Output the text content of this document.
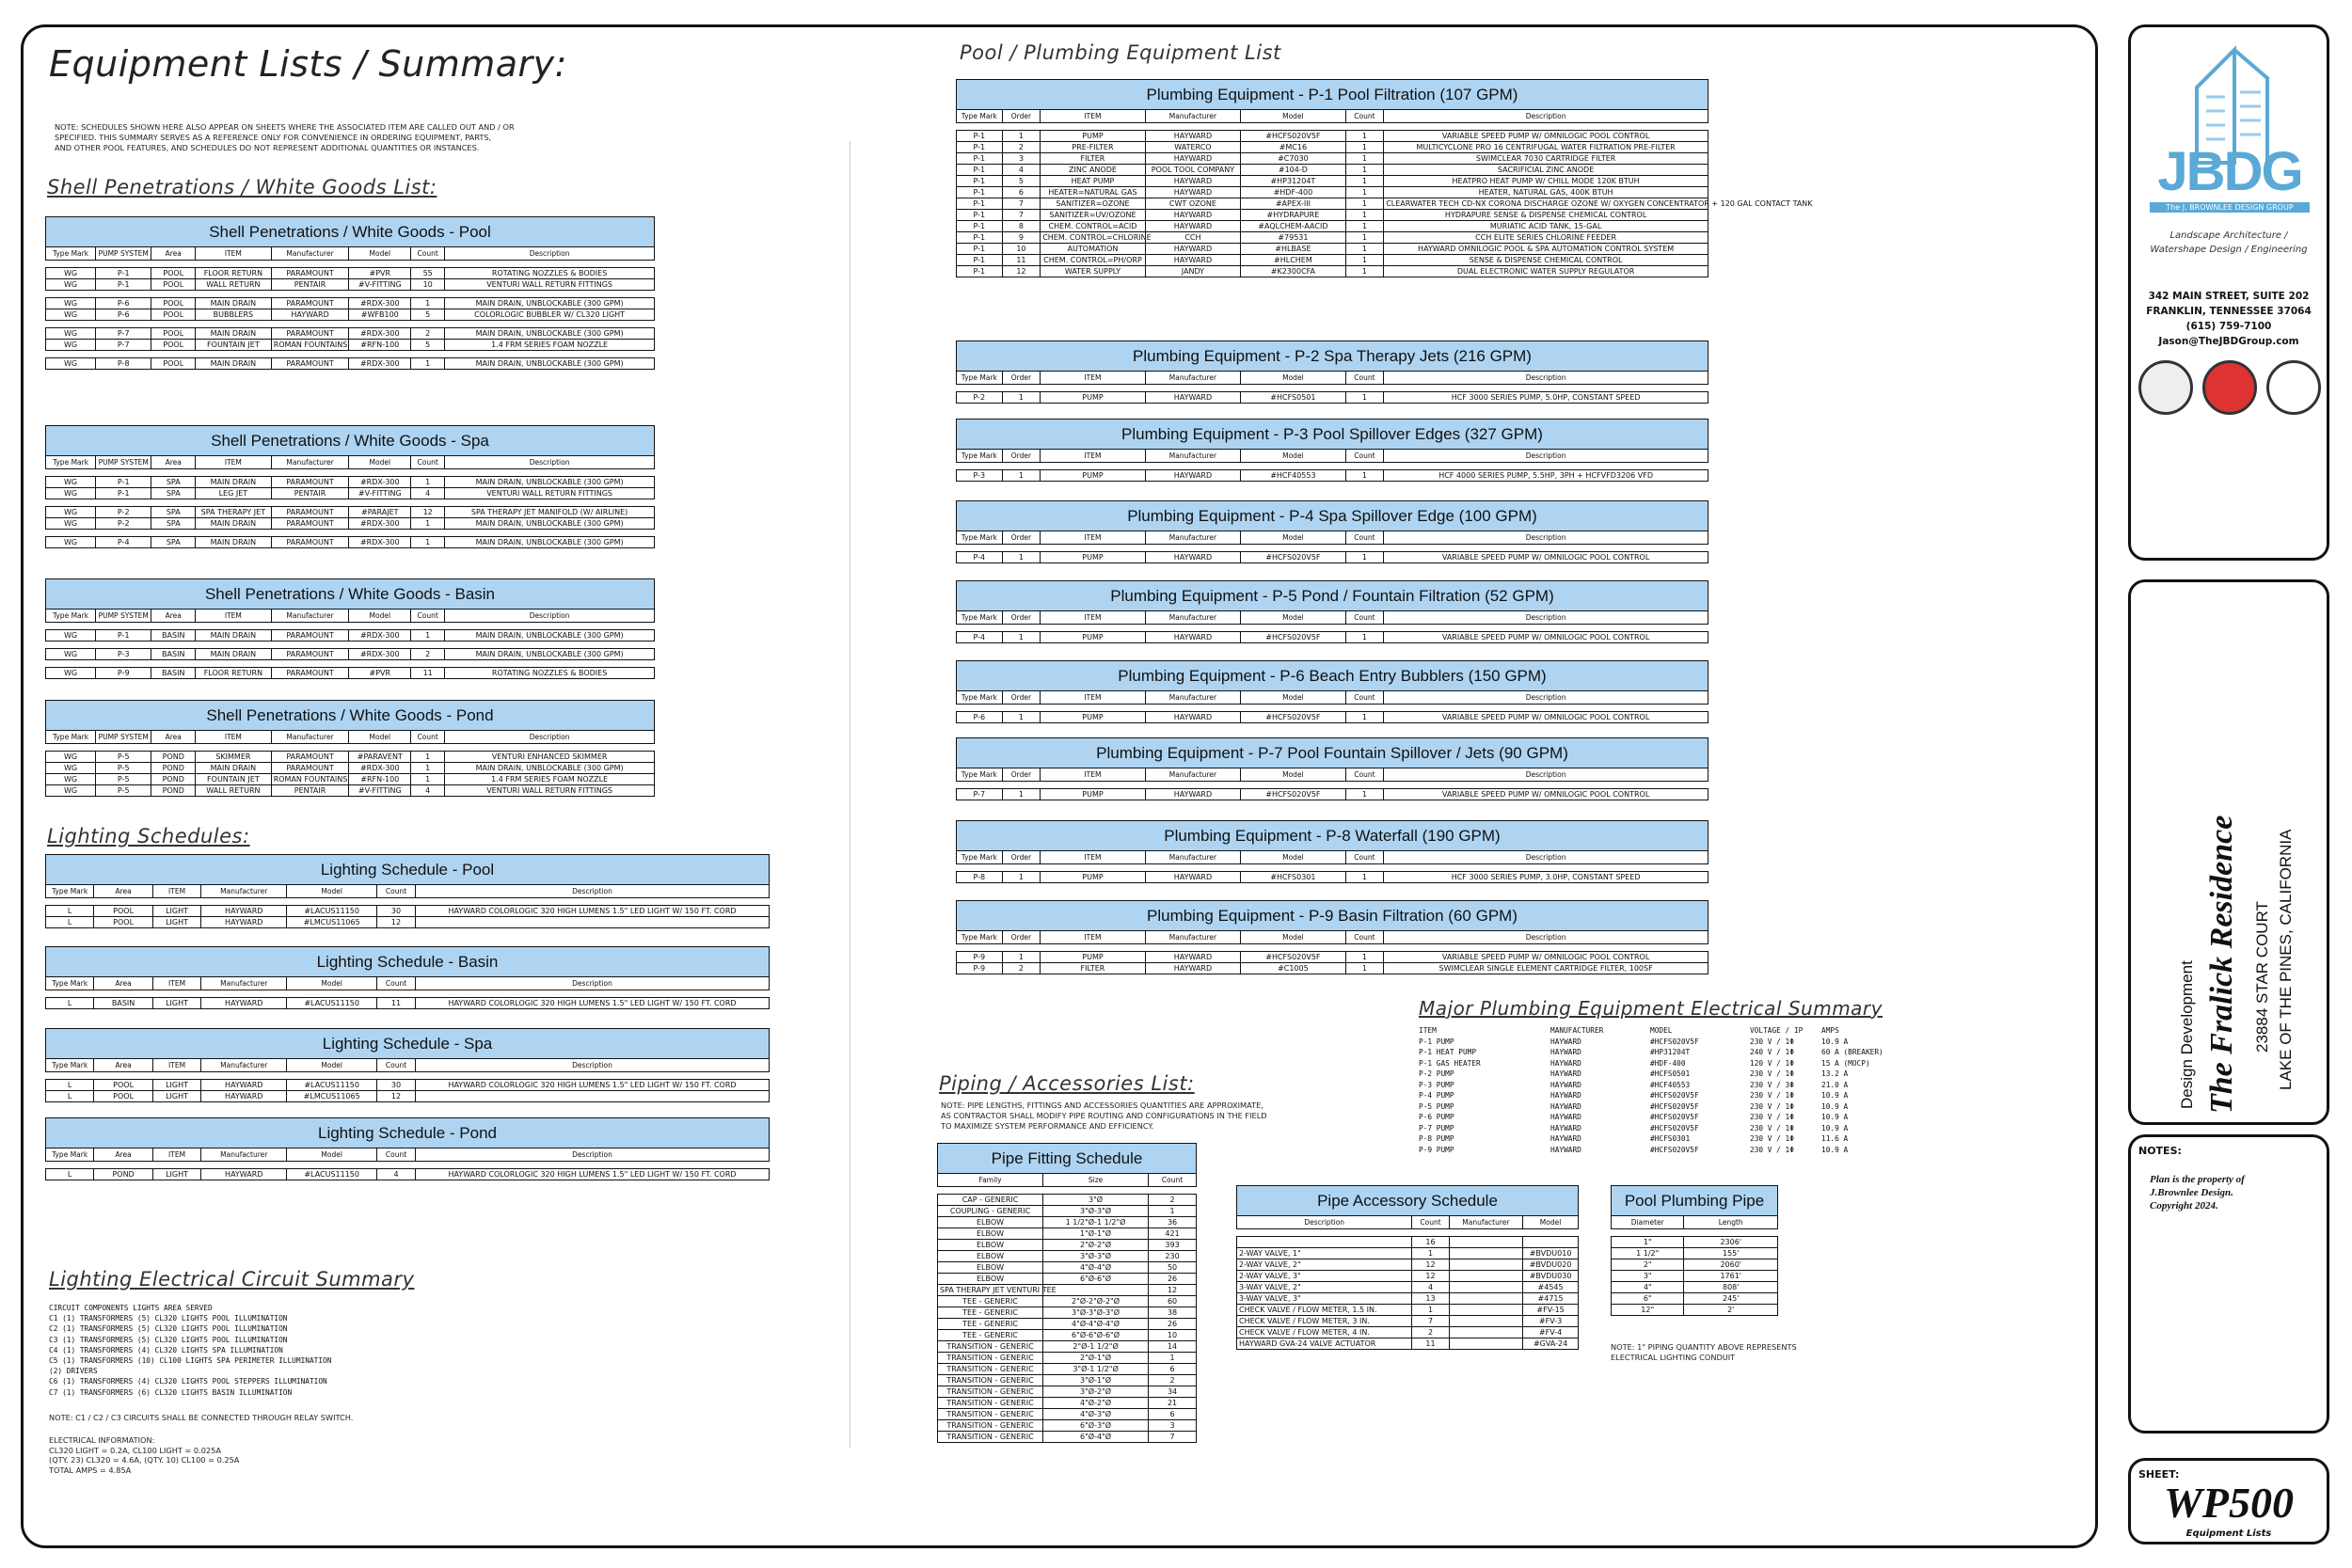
Equipment Lists / Summary:
NOTE: SCHEDULES SHOWN HERE ALSO APPEAR ON SHEETS WHERE THE ASSOCIATED ITEM ARE CALLED OUT AND / OR
SPECIFIED. THIS SUMMARY SERVES AS A REFERENCE ONLY FOR CONVENIENCE IN ORDERING EQUIPMENT, PARTS,
AND OTHER POOL FEATURES, AND SCHEDULES DO NOT REPRESENT ADDITIONAL QUANTITIES OR INSTANCES.
Shell Penetrations / White Goods List:
Shell Penetrations / White Goods - Pool							
Type Mark	PUMP SYSTEM	Area	ITEM	Manufacturer	Model	Count	Description

WG	P-1	POOL	FLOOR RETURN	PARAMOUNT	#PVR	55	ROTATING NOZZLES & BODIES
WG	P-1	POOL	WALL RETURN	PENTAIR	#V-FITTING	10	VENTURI WALL RETURN FITTINGS

WG	P-6	POOL	MAIN DRAIN	PARAMOUNT	#RDX-300	1	MAIN DRAIN, UNBLOCKABLE (300 GPM)
WG	P-6	POOL	BUBBLERS	HAYWARD	#WFB100	5	COLORLOGIC BUBBLER W/ CL320 LIGHT

WG	P-7	POOL	MAIN DRAIN	PARAMOUNT	#RDX-300	2	MAIN DRAIN, UNBLOCKABLE (300 GPM)
WG	P-7	POOL	FOUNTAIN JET	ROMAN FOUNTAINS	#RFN-100	5	1.4 FRM SERIES FOAM NOZZLE

WG	P-8	POOL	MAIN DRAIN	PARAMOUNT	#RDX-300	1	MAIN DRAIN, UNBLOCKABLE (300 GPM)
Shell Penetrations / White Goods - Spa							
Type Mark	PUMP SYSTEM	Area	ITEM	Manufacturer	Model	Count	Description

WG	P-1	SPA	MAIN DRAIN	PARAMOUNT	#RDX-300	1	MAIN DRAIN, UNBLOCKABLE (300 GPM)
WG	P-1	SPA	LEG JET	PENTAIR	#V-FITTING	4	VENTURI WALL RETURN FITTINGS

WG	P-2	SPA	SPA THERAPY JET	PARAMOUNT	#PARAJET	12	SPA THERAPY JET MANIFOLD (W/ AIRLINE)
WG	P-2	SPA	MAIN DRAIN	PARAMOUNT	#RDX-300	1	MAIN DRAIN, UNBLOCKABLE (300 GPM)

WG	P-4	SPA	MAIN DRAIN	PARAMOUNT	#RDX-300	1	MAIN DRAIN, UNBLOCKABLE (300 GPM)
Shell Penetrations / White Goods - Basin							
Type Mark	PUMP SYSTEM	Area	ITEM	Manufacturer	Model	Count	Description

WG	P-1	BASIN	MAIN DRAIN	PARAMOUNT	#RDX-300	1	MAIN DRAIN, UNBLOCKABLE (300 GPM)

WG	P-3	BASIN	MAIN DRAIN	PARAMOUNT	#RDX-300	2	MAIN DRAIN, UNBLOCKABLE (300 GPM)

WG	P-9	BASIN	FLOOR RETURN	PARAMOUNT	#PVR	11	ROTATING NOZZLES & BODIES
Shell Penetrations / White Goods - Pond							
Type Mark	PUMP SYSTEM	Area	ITEM	Manufacturer	Model	Count	Description

WG	P-5	POND	SKIMMER	PARAMOUNT	#PARAVENT	1	VENTURI ENHANCED SKIMMER
WG	P-5	POND	MAIN DRAIN	PARAMOUNT	#RDX-300	1	MAIN DRAIN, UNBLOCKABLE (300 GPM)
WG	P-5	POND	FOUNTAIN JET	ROMAN FOUNTAINS	#RFN-100	1	1.4 FRM SERIES FOAM NOZZLE
WG	P-5	POND	WALL RETURN	PENTAIR	#V-FITTING	4	VENTURI WALL RETURN FITTINGS
Lighting Schedules:
Lighting Schedule - Pool						
Type Mark	Area	ITEM	Manufacturer	Model	Count	Description

L	POOL	LIGHT	HAYWARD	#LACUS11150	30	HAYWARD COLORLOGIC 320 HIGH LUMENS 1.5" LED LIGHT W/ 150 FT. CORD
L	POOL	LIGHT	HAYWARD	#LMCUS11065	12	
Lighting Schedule - Basin						
Type Mark	Area	ITEM	Manufacturer	Model	Count	Description

L	BASIN	LIGHT	HAYWARD	#LACUS11150	11	HAYWARD COLORLOGIC 320 HIGH LUMENS 1.5" LED LIGHT W/ 150 FT. CORD
Lighting Schedule - Spa						
Type Mark	Area	ITEM	Manufacturer	Model	Count	Description

L	POOL	LIGHT	HAYWARD	#LACUS11150	30	HAYWARD COLORLOGIC 320 HIGH LUMENS 1.5" LED LIGHT W/ 150 FT. CORD
L	POOL	LIGHT	HAYWARD	#LMCUS11065	12	
Lighting Schedule - Pond						
Type Mark	Area	ITEM	Manufacturer	Model	Count	Description

L	POND	LIGHT	HAYWARD	#LACUS11150	4	HAYWARD COLORLOGIC 320 HIGH LUMENS 1.5" LED LIGHT W/ 150 FT. CORD
Lighting Electrical Circuit Summary
CIRCUIT COMPONENTS LIGHTS AREA SERVED
C1 (1) TRANSFORMERS (5) CL320 LIGHTS POOL ILLUMINATION
C2 (1) TRANSFORMERS (5) CL320 LIGHTS POOL ILLUMINATION
C3 (1) TRANSFORMERS (5) CL320 LIGHTS POOL ILLUMINATION
C4 (1) TRANSFORMERS (4) CL320 LIGHTS SPA ILLUMINATION
C5 (1) TRANSFORMERS (10) CL100 LIGHTS SPA PERIMETER ILLUMINATION
(2) DRIVERS
C6 (1) TRANSFORMERS (4) CL320 LIGHTS POOL STEPPERS ILLUMINATION
C7 (1) TRANSFORMERS (6) CL320 LIGHTS BASIN ILLUMINATION
NOTE: C1 / C2 / C3 CIRCUITS SHALL BE CONNECTED THROUGH RELAY SWITCH.
ELECTRICAL INFORMATION:
CL320 LIGHT = 0.2A, CL100 LIGHT = 0.025A
(QTY. 23) CL320 = 4.6A, (QTY. 10) CL100 = 0.25A
TOTAL AMPS = 4.85A
Pool / Plumbing Equipment List
Plumbing Equipment - P-1 Pool Filtration (107 GPM)						
Type Mark	Order	ITEM	Manufacturer	Model	Count	Description

P-1	1	PUMP	HAYWARD	#HCFS020V5F	1	VARIABLE SPEED PUMP W/ OMNILOGIC POOL CONTROL
P-1	2	PRE-FILTER	WATERCO	#MC16	1	MULTICYCLONE PRO 16 CENTRIFUGAL WATER FILTRATION PRE-FILTER
P-1	3	FILTER	HAYWARD	#C7030	1	SWIMCLEAR 7030 CARTRIDGE FILTER
P-1	4	ZINC ANODE	POOL TOOL COMPANY	#104-D	1	SACRIFICIAL ZINC ANODE
P-1	5	HEAT PUMP	HAYWARD	#HP31204T	1	HEATPRO HEAT PUMP W/ CHILL MODE 120K BTUH
P-1	6	HEATER=NATURAL GAS	HAYWARD	#HDF-400	1	HEATER, NATURAL GAS, 400K BTUH
P-1	7	SANITIZER=OZONE	CWT OZONE	#APEX-III	1	CLEARWATER TECH CD-NX CORONA DISCHARGE OZONE W/ OXYGEN CONCENTRATOR + 120 GAL CONTACT TANK
P-1	7	SANITIZER=UV/OZONE	HAYWARD	#HYDRAPURE	1	HYDRAPURE SENSE & DISPENSE CHEMICAL CONTROL
P-1	8	CHEM. CONTROL=ACID	HAYWARD	#AQLCHEM-AACID	1	MURIATIC ACID TANK, 15-GAL
P-1	9	CHEM. CONTROL=CHLORINE	CCH	#79531	1	CCH ELITE SERIES CHLORINE FEEDER
P-1	10	AUTOMATION	HAYWARD	#HLBASE	1	HAYWARD OMNILOGIC POOL & SPA AUTOMATION CONTROL SYSTEM
P-1	11	CHEM. CONTROL=PH/ORP	HAYWARD	#HLCHEM	1	SENSE & DISPENSE CHEMICAL CONTROL
P-1	12	WATER SUPPLY	JANDY	#K2300CFA	1	DUAL ELECTRONIC WATER SUPPLY REGULATOR
Plumbing Equipment - P-2 Spa Therapy Jets (216 GPM)						
Type Mark	Order	ITEM	Manufacturer	Model	Count	Description

P-2	1	PUMP	HAYWARD	#HCFS0501	1	HCF 3000 SERIES PUMP, 5.0HP, CONSTANT SPEED
Plumbing Equipment - P-3 Pool Spillover Edges (327 GPM)						
Type Mark	Order	ITEM	Manufacturer	Model	Count	Description

P-3	1	PUMP	HAYWARD	#HCF40553	1	HCF 4000 SERIES PUMP, 5.5HP, 3PH + HCFVFD3206 VFD
Plumbing Equipment - P-4 Spa Spillover Edge (100 GPM)						
Type Mark	Order	ITEM	Manufacturer	Model	Count	Description

P-4	1	PUMP	HAYWARD	#HCFS020V5F	1	VARIABLE SPEED PUMP W/ OMNILOGIC POOL CONTROL
Plumbing Equipment - P-5 Pond / Fountain Filtration (52 GPM)						
Type Mark	Order	ITEM	Manufacturer	Model	Count	Description

P-4	1	PUMP	HAYWARD	#HCFS020V5F	1	VARIABLE SPEED PUMP W/ OMNILOGIC POOL CONTROL
Plumbing Equipment - P-6 Beach Entry Bubblers (150 GPM)						
Type Mark	Order	ITEM	Manufacturer	Model	Count	Description

P-6	1	PUMP	HAYWARD	#HCFS020V5F	1	VARIABLE SPEED PUMP W/ OMNILOGIC POOL CONTROL
Plumbing Equipment - P-7 Pool Fountain Spillover / Jets (90 GPM)						
Type Mark	Order	ITEM	Manufacturer	Model	Count	Description

P-7	1	PUMP	HAYWARD	#HCFS020V5F	1	VARIABLE SPEED PUMP W/ OMNILOGIC POOL CONTROL
Plumbing Equipment - P-8 Waterfall (190 GPM)						
Type Mark	Order	ITEM	Manufacturer	Model	Count	Description

P-8	1	PUMP	HAYWARD	#HCFS0301	1	HCF 3000 SERIES PUMP, 3.0HP, CONSTANT SPEED
Plumbing Equipment - P-9 Basin Filtration (60 GPM)						
Type Mark	Order	ITEM	Manufacturer	Model	Count	Description

P-9	1	PUMP	HAYWARD	#HCFS020V5F	1	VARIABLE SPEED PUMP W/ OMNILOGIC POOL CONTROL
P-9	2	FILTER	HAYWARD	#C1005	1	SWIMCLEAR SINGLE ELEMENT CARTRIDGE FILTER, 100SF
Major Plumbing Equipment Electrical Summary
ITEM	MANUFACTURER	MODEL	VOLTAGE / IP	AMPS
P-1 PUMP	HAYWARD	#HCFS020V5F	230 V / 1Φ	10.9 A
P-1 HEAT PUMP	HAYWARD	#HP31204T	240 V / 1Φ	60 A (BREAKER)
P-1 GAS HEATER	HAYWARD	#HDF-400	120 V / 1Φ	15 A (MOCP)
P-2 PUMP	HAYWARD	#HCFS0501	230 V / 1Φ	13.2 A
P-3 PUMP	HAYWARD	#HCF40553	230 V / 3Φ	21.0 A
P-4 PUMP	HAYWARD	#HCFS020V5F	230 V / 1Φ	10.9 A
P-5 PUMP	HAYWARD	#HCFS020V5F	230 V / 1Φ	10.9 A
P-6 PUMP	HAYWARD	#HCFS020V5F	230 V / 1Φ	10.9 A
P-7 PUMP	HAYWARD	#HCFS020V5F	230 V / 1Φ	10.9 A
P-8 PUMP	HAYWARD	#HCFS0301	230 V / 1Φ	11.6 A
P-9 PUMP	HAYWARD	#HCFS020V5F	230 V / 1Φ	10.9 A
Piping / Accessories List:
NOTE: PIPE LENGTHS, FITTINGS AND ACCESSORIES QUANTITIES ARE APPROXIMATE,
AS CONTRACTOR SHALL MODIFY PIPE ROUTING AND CONFIGURATIONS IN THE FIELD
TO MAXIMIZE SYSTEM PERFORMANCE AND EFFICIENCY.
Pipe Fitting Schedule		
Family	Size	Count

CAP - GENERIC	3"Ø	2
COUPLING - GENERIC	3"Ø-3"Ø	1
ELBOW	1 1/2"Ø-1 1/2"Ø	36
ELBOW	1"Ø-1"Ø	421
ELBOW	2"Ø-2"Ø	393
ELBOW	3"Ø-3"Ø	230
ELBOW	4"Ø-4"Ø	50
ELBOW	6"Ø-6"Ø	26
SPA THERAPY JET VENTURI TEE		12
TEE - GENERIC	2"Ø-2"Ø-2"Ø	60
TEE - GENERIC	3"Ø-3"Ø-3"Ø	38
TEE - GENERIC	4"Ø-4"Ø-4"Ø	26
TEE - GENERIC	6"Ø-6"Ø-6"Ø	10
TRANSITION - GENERIC	2"Ø-1 1/2"Ø	14
TRANSITION - GENERIC	2"Ø-1"Ø	1
TRANSITION - GENERIC	3"Ø-1 1/2"Ø	6
TRANSITION - GENERIC	3"Ø-1"Ø	2
TRANSITION - GENERIC	3"Ø-2"Ø	34
TRANSITION - GENERIC	4"Ø-2"Ø	21
TRANSITION - GENERIC	4"Ø-3"Ø	6
TRANSITION - GENERIC	6"Ø-3"Ø	3
TRANSITION - GENERIC	6"Ø-4"Ø	7
Pipe Accessory Schedule			
Description	Count	Manufacturer	Model

	16		
2-WAY VALVE, 1"	1		#BVDU010
2-WAY VALVE, 2"	12		#BVDU020
2-WAY VALVE, 3"	12		#BVDU030
3-WAY VALVE, 2"	4		#4545
3-WAY VALVE, 3"	13		#4715
CHECK VALVE / FLOW METER, 1.5 IN.	1		#FV-15
CHECK VALVE / FLOW METER, 3 IN.	7		#FV-3
CHECK VALVE / FLOW METER, 4 IN.	2		#FV-4
HAYWARD GVA-24 VALVE ACTUATOR	11		#GVA-24
Pool Plumbing Pipe	
Diameter	Length

1"	2306'
1 1/2"	155'
2"	2060'
3"	1761'
4"	808'
6"	245'
12"	2'
NOTE: 1" PIPING QUANTITY ABOVE REPRESENTS
ELECTRICAL LIGHTING CONDUIT
JBDG
The J. BROWNLEE DESIGN GROUP
Landscape Architecture /
Watershape Design / Engineering
342 MAIN STREET, SUITE 202
FRANKLIN, TENNESSEE 37064
(615) 759-7100
Jason@TheJBDGroup.com
Design Development The Fralick Residence 23884 STAR COURT LAKE OF THE PINES, CALIFORNIA
NOTES:
Plan is the property of
J.Brownlee Design.
Copyright 2024.
SHEET:
WP500
Equipment Lists
